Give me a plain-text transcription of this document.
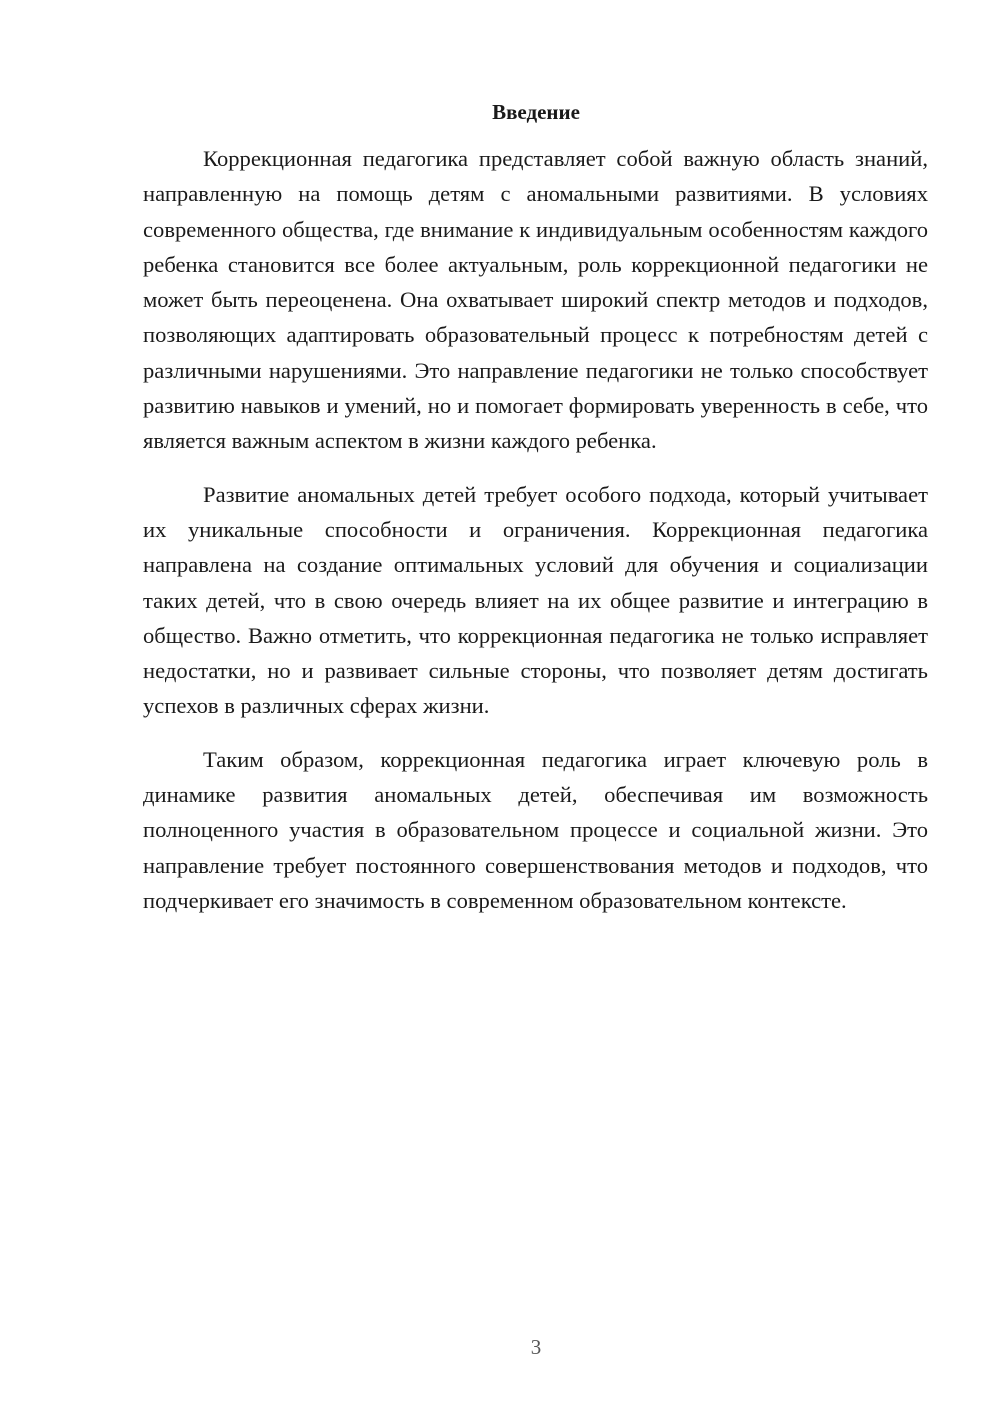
Введение

Коррекционная педагогика представляет собой важную область знаний, направленную на помощь детям с аномальными развитиями. В условиях современного общества, где внимание к индивидуальным особенностям каждого ребенка становится все более актуальным, роль коррекционной педагогики не может быть переоценена. Она охватывает широкий спектр методов и подходов, позволяющих адаптировать образовательный процесс к потребностям детей с различными нарушениями. Это направление педагогики не только способствует развитию навыков и умений, но и помогает формировать уверенность в себе, что является важным аспектом в жизни каждого ребенка.

Развитие аномальных детей требует особого подхода, который учитывает их уникальные способности и ограничения. Коррекционная педагогика направлена на создание оптимальных условий для обучения и социализации таких детей, что в свою очередь влияет на их общее развитие и интеграцию в общество. Важно отметить, что коррекционная педагогика не только исправляет недостатки, но и развивает сильные стороны, что позволяет детям достигать успехов в различных сферах жизни.

Таким образом, коррекционная педагогика играет ключевую роль в динамике развития аномальных детей, обеспечивая им возможность полноценного участия в образовательном процессе и социальной жизни. Это направление требует постоянного совершенствования методов и подходов, что подчеркивает его значимость в современном образовательном контексте.

3
